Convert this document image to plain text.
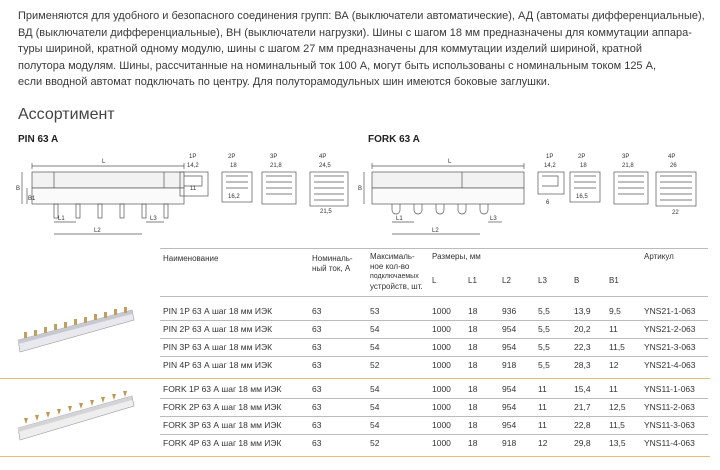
Применяются для удобного и безопасного соединения групп: ВА (выключатели автоматические), АД (автоматы дифференциальные),
ВД (выключатели дифференциальные), ВН (выключатели нагрузки). Шины с шагом 18 мм предназначены для коммутации аппара-
туры шириной, кратной одному модулю, шины с шагом 27 мм предназначены для коммутации изделий шириной, кратной
полутора модулям. Шины, рассчитанные на номинальный ток 100 А, могут быть использованы с номинальным током 125 А,
если вводной автомат подключать по центру. Для полуторамодульных шин имеются боковые заглушки.
Ассортимент
PIN 63 A	FORK 63 A
L
B
B1
L1
L2
L3
1P
14,2
2P
18
3P
21,8
4P
24,5
11
16,2
21,5
L
B
L1
L2
L3
1P
14,2
2P
18
3P
21,8
4P
26
6
16,5
22
Наименование	Номиналь-
ный ток, А
Максималь-
ное кол-во
подключаемых
устройств, шт.
Размеры, мм	Артикул
L	L1	L2	L3	B	B1
PIN 1P 63 А шаг 18 мм ИЭК	63	53	1000 18	936	5,5	13,9 9,5	YNS21-1-063
PIN 2P 63 А шаг 18 мм ИЭК	63	54	1000 18	954	5,5	20,2 11	YNS21-2-063
PIN 3P 63 А шаг 18 мм ИЭК	63	54	1000 18	954	5,5	22,3 11,5 YNS21-3-063
PIN 4P 63 А шаг 18 мм ИЭК	63	52	1000 18	918	5,5	28,3 12	YNS21-4-063
FORK 1P 63 А шаг 18 мм ИЭК	63	54	1000 18	954	11	15,4 11	YNS11-1-063
FORK 2P 63 А шаг 18 мм ИЭК	63	54	1000 18	954	11	21,7 12,5 YNS11-2-063
FORK 3P 63 А шаг 18 мм ИЭК	63	54	1000 18	954	11	22,8 11,5 YNS11-3-063
FORK 4P 63 А шаг 18 мм ИЭК	63	52	1000 18	918	12	29,8 13,5 YNS11-4-063
